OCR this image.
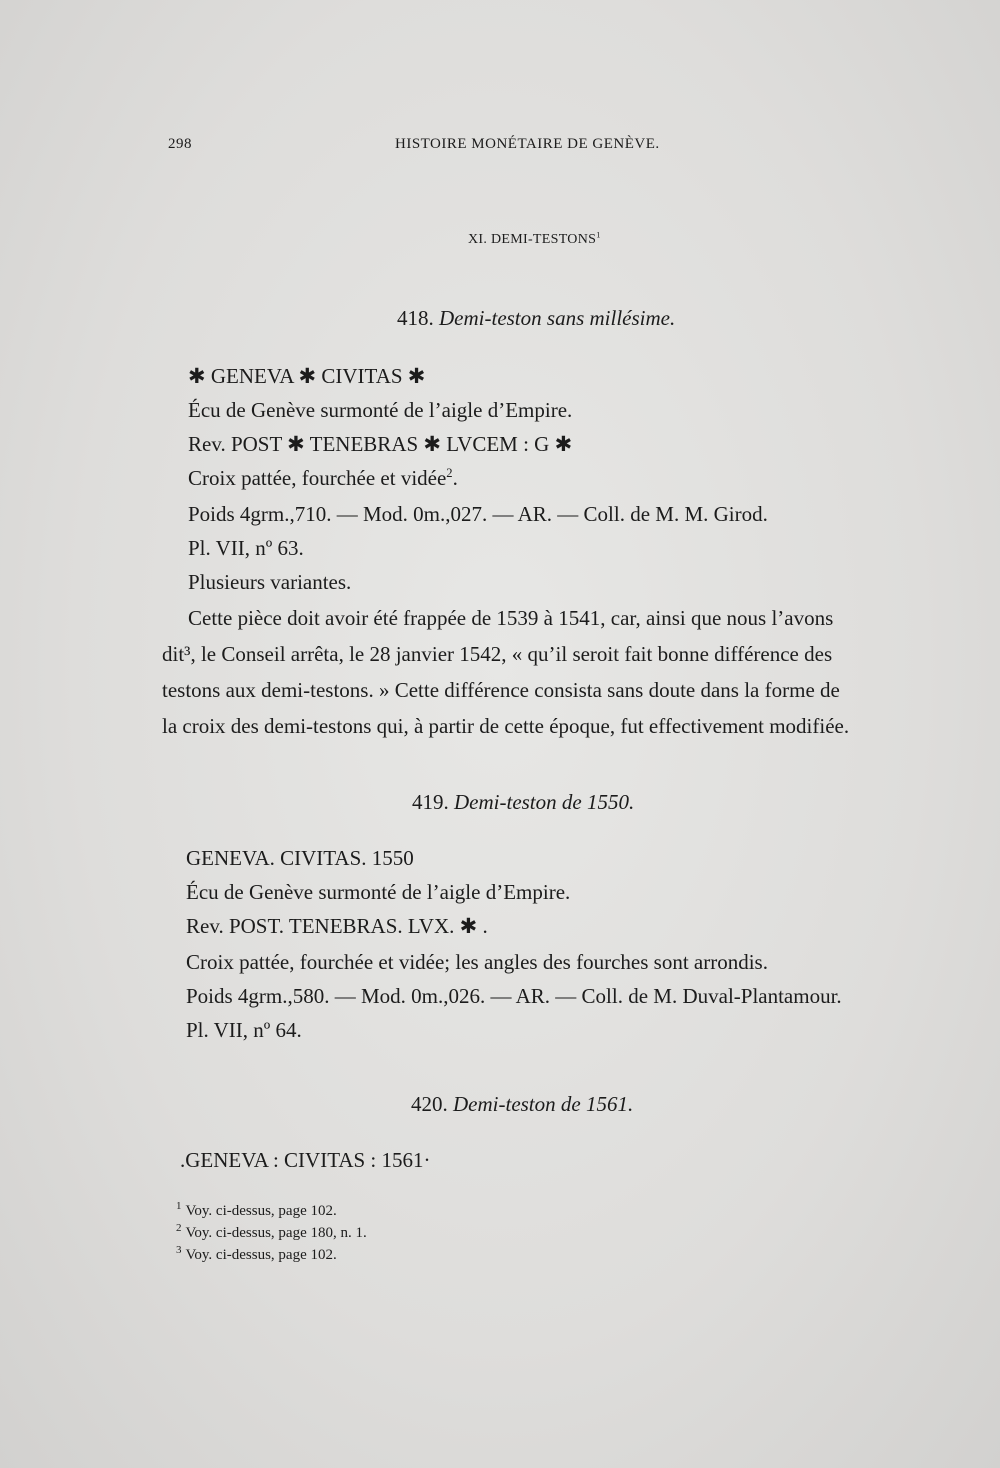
298	HISTOIRE MONÉTAIRE DE GENÈVE.
XI. DEMI-TESTONS$^1$
418. Demi-teston sans millésime.
✱ GENEVA ✱ CIVITAS ✱
Écu de Genève surmonté de l’aigle d’Empire.
Rev. POST ✱ TENEBRAS ✱ LVCEM : G ✱
Croix pattée, fourchée et vidée$^2$.
Poids 4grm.,710. — Mod. 0m.,027. — AR. — Coll. de M. M. Girod.
Pl. VII, nº 63.
Plusieurs variantes.
Cette pièce doit avoir été frappée de 1539 à 1541, car, ainsi que nous l’avons
dit³, le Conseil arrêta, le 28 janvier 1542, « qu’il seroit fait bonne différence des
testons aux demi-testons. » Cette différence consista sans doute dans la forme de
la croix des demi-testons qui, à partir de cette époque, fut effectivement modifiée.
419. Demi-teston de 1550.
GENEVA. CIVITAS. 1550
Écu de Genève surmonté de l’aigle d’Empire.
Rev. POST. TENEBRAS. LVX. ✱ .
Croix pattée, fourchée et vidée; les angles des fourches sont arrondis.
Poids 4grm.,580. — Mod. 0m.,026. — AR. — Coll. de M. Duval-Plantamour.
Pl. VII, nº 64.
420. Demi-teston de 1561.
.GENEVA : CIVITAS : 1561·
$^1$ Voy. ci-dessus, page 102.
$^2$ Voy. ci-dessus, page 180, n. 1.
$^3$ Voy. ci-dessus, page 102.
